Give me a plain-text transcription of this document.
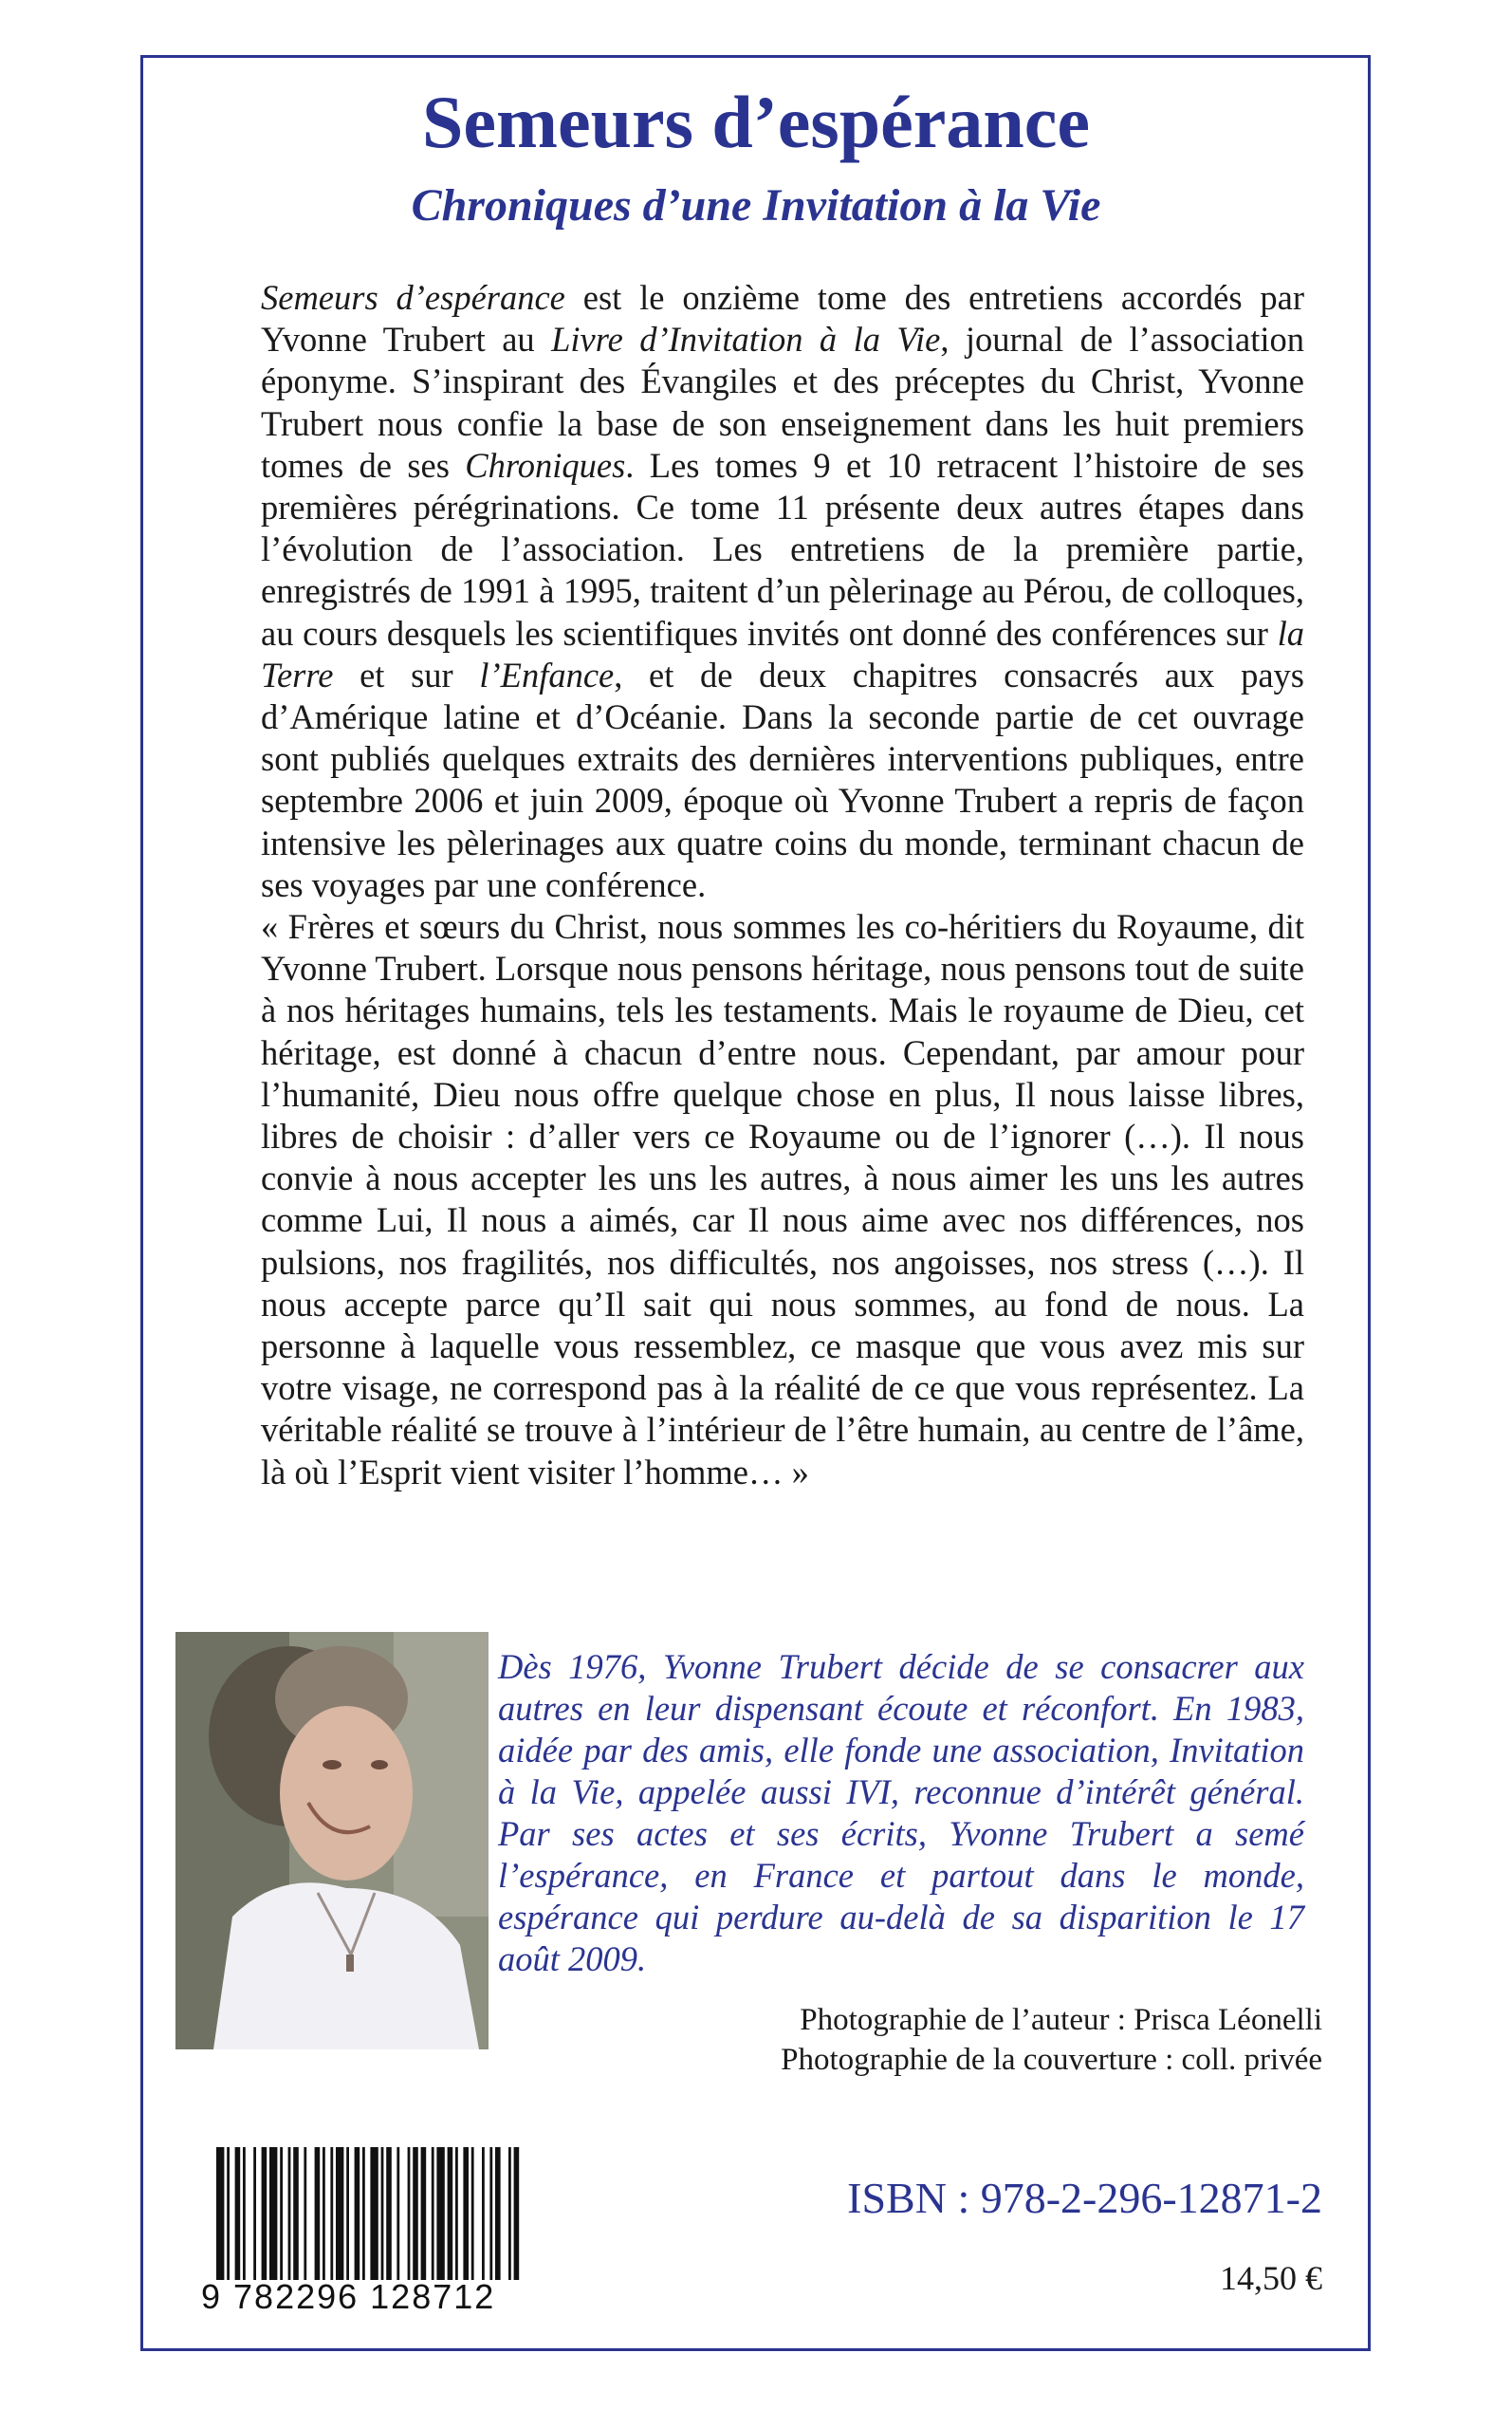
Semeurs d’espérance
Chroniques d’une Invitation à la Vie

Semeurs d’espérance est le onzième tome des entretiens accordés par Yvonne Trubert au Livre d’Invitation à la Vie, journal de l’association éponyme. S’inspirant des Évangiles et des préceptes du Christ, Yvonne Trubert nous confie la base de son enseignement dans les huit premiers tomes de ses Chroniques. Les tomes 9 et 10 retracent l’histoire de ses premières pérégrinations. Ce tome 11 présente deux autres étapes dans l’évolution de l’association. Les entretiens de la première partie, enregistrés de 1991 à 1995, traitent d’un pèlerinage au Pérou, de colloques, au cours desquels les scientifiques invités ont donné des conférences sur la Terre et sur l’Enfance, et de deux chapitres consacrés aux pays d’Amérique latine et d’Océanie. Dans la seconde partie de cet ouvrage sont publiés quelques extraits des dernières interventions publiques, entre septembre 2006 et juin 2009, époque où Yvonne Trubert a repris de façon intensive les pèlerinages aux quatre coins du monde, terminant chacun de ses voyages par une conférence.

« Frères et sœurs du Christ, nous sommes les co-héritiers du Royaume, dit Yvonne Trubert. Lorsque nous pensons héritage, nous pensons tout de suite à nos héritages humains, tels les testaments. Mais le royaume de Dieu, cet héritage, est donné à chacun d’entre nous. Cependant, par amour pour l’humanité, Dieu nous offre quelque chose en plus, Il nous laisse libres, libres de choisir : d’aller vers ce Royaume ou de l’ignorer (…). Il nous convie à nous accepter les uns les autres, à nous aimer les uns les autres comme Lui, Il nous a aimés, car Il nous aime avec nos différences, nos pulsions, nos fragilités, nos difficultés, nos angoisses, nos stress (…). Il nous accepte parce qu’Il sait qui nous sommes, au fond de nous. La personne à laquelle vous ressemblez, ce masque que vous avez mis sur votre visage, ne correspond pas à la réalité de ce que vous représentez. La véritable réalité se trouve à l’intérieur de l’être humain, au centre de l’âme, là où l’Esprit vient visiter l’homme… »

Dès 1976, Yvonne Trubert décide de se consacrer aux autres en leur dispensant écoute et réconfort. En 1983, aidée par des amis, elle fonde une association, Invitation à la Vie, appelée aussi IVI, reconnue d’intérêt général. Par ses actes et ses écrits, Yvonne Trubert a semé l’espérance, en France et partout dans le monde, espérance qui perdure au-delà de sa disparition le 17 août 2009.

Photographie de l’auteur : Prisca Léonelli
Photographie de la couverture : coll. privée
9 782296 128712
ISBN : 978-2-296-12871-2
14,50 €
